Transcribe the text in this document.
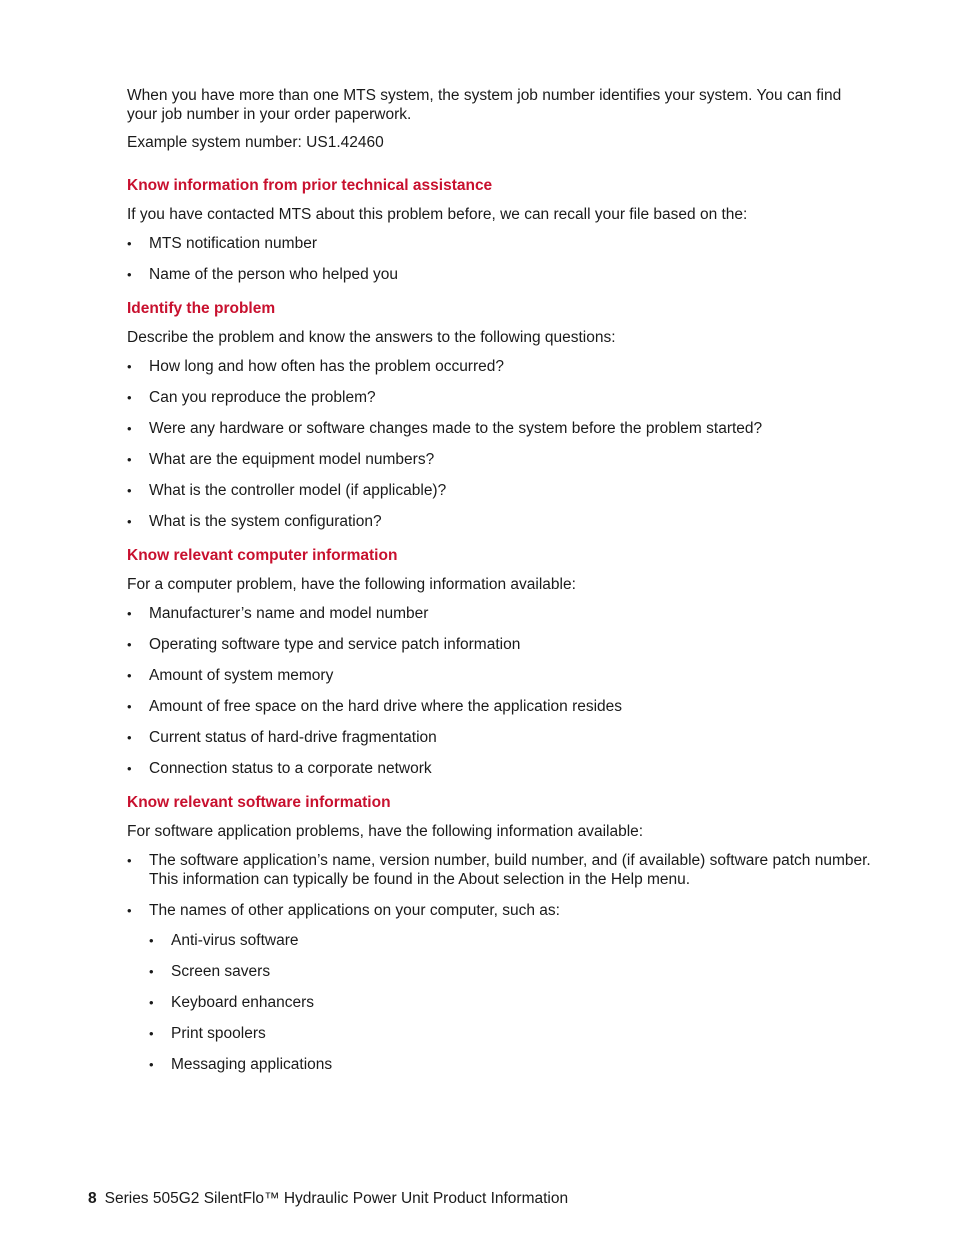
When you have more than one MTS system, the system job number identifies your system. You can find your job number in your order paperwork.

Example system number: US1.42460

Know information from prior technical assistance

If you have contacted MTS about this problem before, we can recall your file based on the:

• MTS notification number
• Name of the person who helped you
Identify the problem

Describe the problem and know the answers to the following questions:

• How long and how often has the problem occurred?
• Can you reproduce the problem?
• Were any hardware or software changes made to the system before the problem started?
• What are the equipment model numbers?
• What is the controller model (if applicable)?
• What is the system configuration?
Know relevant computer information

For a computer problem, have the following information available:

• Manufacturer’s name and model number
• Operating software type and service patch information
• Amount of system memory
• Amount of free space on the hard drive where the application resides
• Current status of hard-drive fragmentation
• Connection status to a corporate network
Know relevant software information

For software application problems, have the following information available:

• The software application’s name, version number, build number, and (if available) software patch number. This information can typically be found in the About selection in the Help menu.
• The names of other applications on your computer, such as:
• Anti-virus software
• Screen savers
• Keyboard enhancers
• Print spoolers
• Messaging applications
8 Series 505G2 SilentFlo™ Hydraulic Power Unit Product Information
